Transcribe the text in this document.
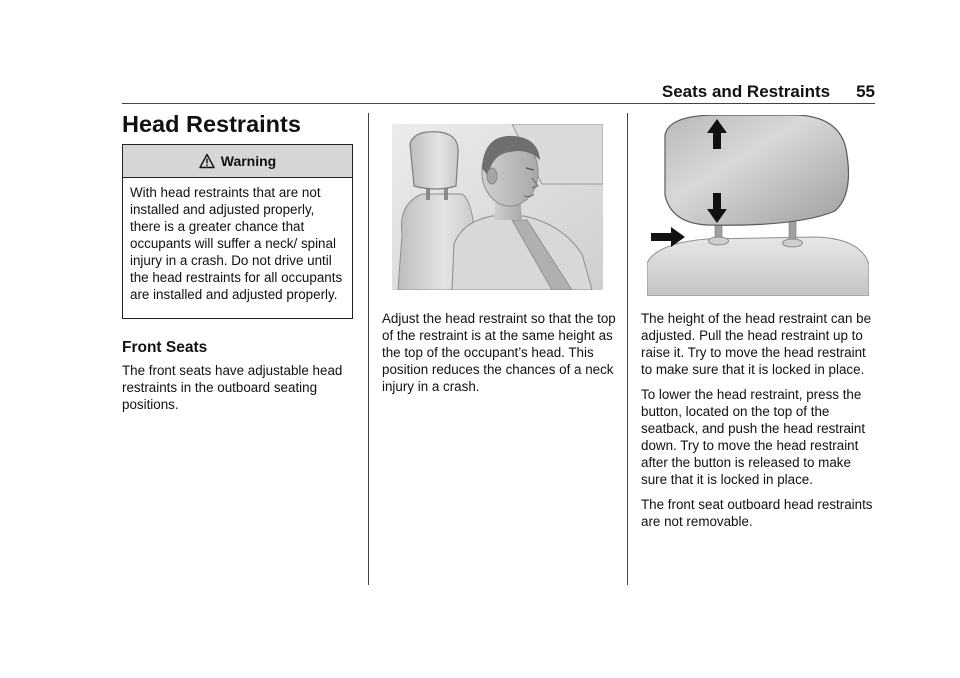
Seats and Restraints 55
Head Restraints
Warning
With head restraints that are not installed and adjusted properly, there is a greater chance that occupants will suffer a neck/ spinal injury in a crash. Do not drive until the head restraints for all occupants are installed and adjusted properly.
Front Seats

The front seats have adjustable head restraints in the outboard seating positions.

Adjust the head restraint so that the top of the restraint is at the same height as the top of the occupant’s head. This position reduces the chances of a neck injury in a crash.

The height of the head restraint can be adjusted. Pull the head restraint up to raise it. Try to move the head restraint to make sure that it is locked in place.

To lower the head restraint, press the button, located on the top of the seatback, and push the head restraint down. Try to move the head restraint after the button is released to make sure that it is locked in place.

The front seat outboard head restraints are not removable.
